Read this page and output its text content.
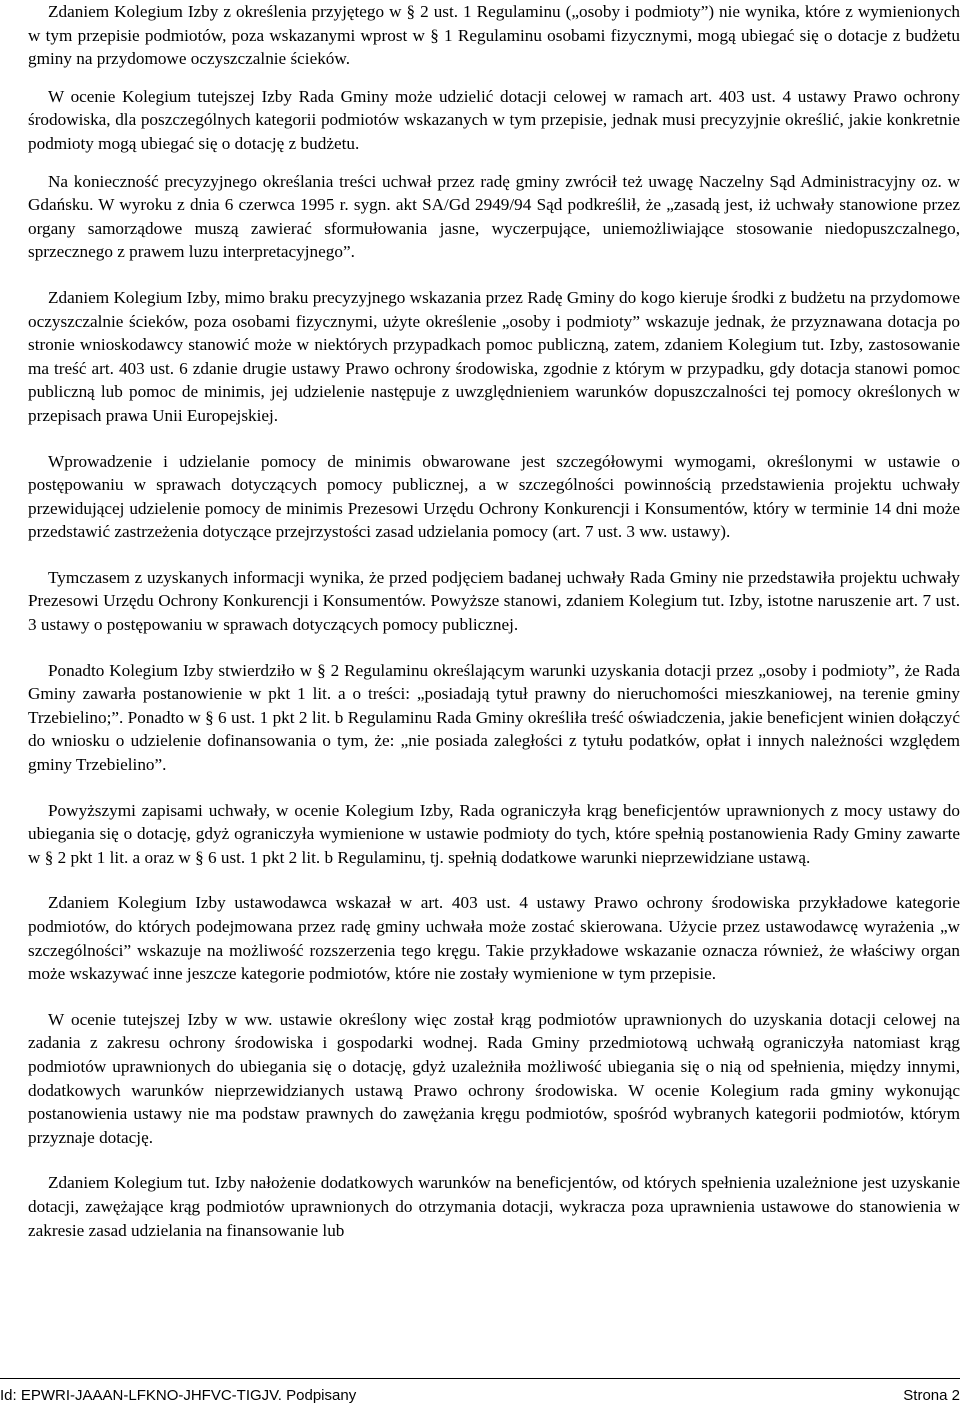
Zdaniem Kolegium Izby z określenia przyjętego w § 2 ust. 1 Regulaminu („osoby i podmioty”) nie wynika, które z wymienionych w tym przepisie podmiotów, poza wskazanymi wprost w § 1 Regulaminu osobami fizycznymi, mogą ubiegać się o dotacje z budżetu gminy na przydomowe oczyszczalnie ścieków.

W ocenie Kolegium tutejszej Izby Rada Gminy może udzielić dotacji celowej w ramach art. 403 ust. 4 ustawy Prawo ochrony środowiska, dla poszczególnych kategorii podmiotów wskazanych w tym przepisie, jednak musi precyzyjnie określić, jakie konkretnie podmioty mogą ubiegać się o dotację z budżetu.

Na konieczność precyzyjnego określania treści uchwał przez radę gminy zwrócił też uwagę Naczelny Sąd Administracyjny oz. w Gdańsku. W wyroku z dnia 6 czerwca 1995 r. sygn. akt SA/Gd 2949/94 Sąd podkreślił, że „zasadą jest, iż uchwały stanowione przez organy samorządowe muszą zawierać sformułowania jasne, wyczerpujące, uniemożliwiające stosowanie niedopuszczalnego, sprzecznego z prawem luzu interpretacyjnego”.

Zdaniem Kolegium Izby, mimo braku precyzyjnego wskazania przez Radę Gminy do kogo kieruje środki z budżetu na przydomowe oczyszczalnie ścieków, poza osobami fizycznymi, użyte określenie „osoby i podmioty” wskazuje jednak, że przyznawana dotacja po stronie wnioskodawcy stanowić może w niektórych przypadkach pomoc publiczną, zatem, zdaniem Kolegium tut. Izby, zastosowanie ma treść art. 403 ust. 6 zdanie drugie ustawy Prawo ochrony środowiska, zgodnie z którym w przypadku, gdy dotacja stanowi pomoc publiczną lub pomoc de minimis, jej udzielenie następuje z uwzględnieniem warunków dopuszczalności tej pomocy określonych w przepisach prawa Unii Europejskiej.

Wprowadzenie i udzielanie pomocy de minimis obwarowane jest szczegółowymi wymogami, określonymi w ustawie o postępowaniu w sprawach dotyczących pomocy publicznej, a w szczególności powinnością przedstawienia projektu uchwały przewidującej udzielenie pomocy de minimis Prezesowi Urzędu Ochrony Konkurencji i Konsumentów, który w terminie 14 dni może przedstawić zastrzeżenia dotyczące przejrzystości zasad udzielania pomocy (art. 7 ust. 3 ww. ustawy).

Tymczasem z uzyskanych informacji wynika, że przed podjęciem badanej uchwały Rada Gminy nie przedstawiła projektu uchwały Prezesowi Urzędu Ochrony Konkurencji i Konsumentów. Powyższe stanowi, zdaniem Kolegium tut. Izby, istotne naruszenie art. 7 ust. 3 ustawy o postępowaniu w sprawach dotyczących pomocy publicznej.

Ponadto Kolegium Izby stwierdziło w § 2 Regulaminu określającym warunki uzyskania dotacji przez „osoby i podmioty”, że Rada Gminy zawarła postanowienie w pkt 1 lit. a o treści: „posiadają tytuł prawny do nieruchomości mieszkaniowej, na terenie gminy Trzebielino;”. Ponadto w § 6 ust. 1 pkt 2 lit. b Regulaminu Rada Gminy określiła treść oświadczenia, jakie beneficjent winien dołączyć do wniosku o udzielenie dofinansowania o tym, że: „nie posiada zaległości z tytułu podatków, opłat i innych należności względem gminy Trzebielino”.

Powyższymi zapisami uchwały, w ocenie Kolegium Izby, Rada ograniczyła krąg beneficjentów uprawnionych z mocy ustawy do ubiegania się o dotację, gdyż ograniczyła wymienione w ustawie podmioty do tych, które spełnią postanowienia Rady Gminy zawarte w § 2 pkt 1 lit. a oraz w § 6 ust. 1 pkt 2 lit. b Regulaminu, tj. spełnią dodatkowe warunki nieprzewidziane ustawą.

Zdaniem Kolegium Izby ustawodawca wskazał w art. 403 ust. 4 ustawy Prawo ochrony środowiska przykładowe kategorie podmiotów, do których podejmowana przez radę gminy uchwała może zostać skierowana. Użycie przez ustawodawcę wyrażenia „w szczególności” wskazuje na możliwość rozszerzenia tego kręgu. Takie przykładowe wskazanie oznacza również, że właściwy organ może wskazywać inne jeszcze kategorie podmiotów, które nie zostały wymienione w tym przepisie.

W ocenie tutejszej Izby w ww. ustawie określony więc został krąg podmiotów uprawnionych do uzyskania dotacji celowej na zadania z zakresu ochrony środowiska i gospodarki wodnej. Rada Gminy przedmiotową uchwałą ograniczyła natomiast krąg podmiotów uprawnionych do ubiegania się o dotację, gdyż uzależniła możliwość ubiegania się o nią od spełnienia, między innymi, dodatkowych warunków nieprzewidzianych ustawą Prawo ochrony środowiska. W ocenie Kolegium rada gminy wykonując postanowienia ustawy nie ma podstaw prawnych do zawężania kręgu podmiotów, spośród wybranych kategorii podmiotów, którym przyznaje dotację.

Zdaniem Kolegium tut. Izby nałożenie dodatkowych warunków na beneficjentów, od których spełnienia uzależnione jest uzyskanie dotacji, zawężające krąg podmiotów uprawnionych do otrzymania dotacji, wykracza poza uprawnienia ustawowe do stanowienia w zakresie zasad udzielania na finansowanie lub

Id: EPWRI-JAAAN-LFKNO-JHFVC-TIGJV. Podpisany	Strona 2
